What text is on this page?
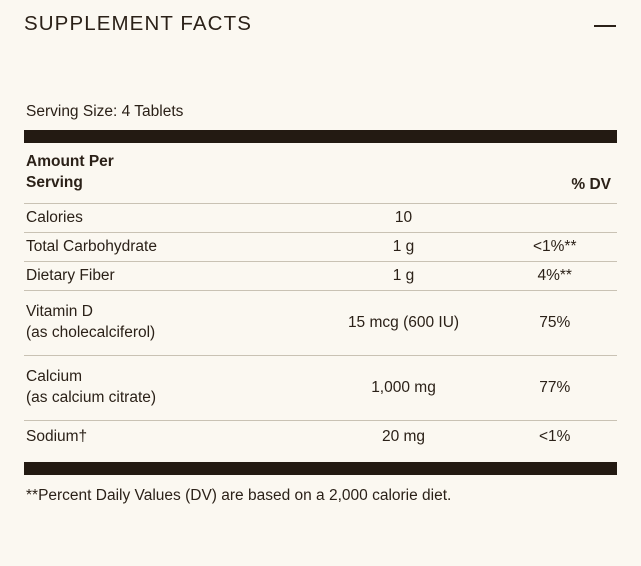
SUPPLEMENT FACTS
Serving Size: 4 Tablets
Amount Per
Serving		% DV

Calories	10	

Total Carbohydrate	1 g	<1%**

Dietary Fiber	1 g	4%**

Vitamin D
(as cholecalciferol)	15 mcg (600 IU)	75%

Calcium
(as calcium citrate)	1,000 mg	77%

Sodium†	20 mg	<1%
**Percent Daily Values (DV) are based on a 2,000 calorie diet.
